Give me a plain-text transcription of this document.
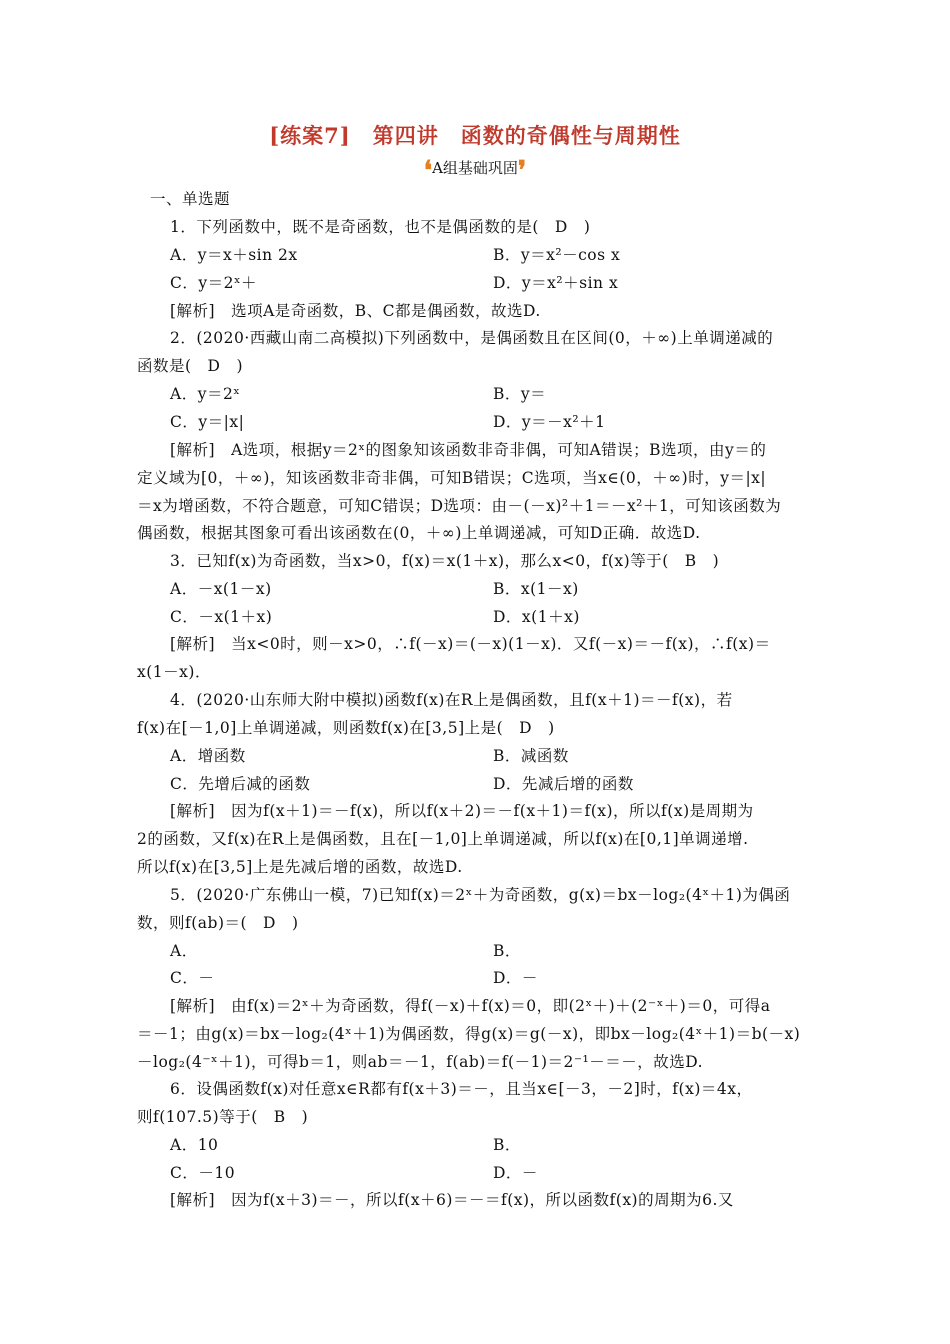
[练案7]　第四讲　函数的奇偶性与周期性
❛A组基础巩固❜
一、单选题
1．下列函数中，既不是奇函数，也不是偶函数的是(　D　)
A．y＝x＋sin 2x	B．y＝x²－cos x
C．y＝2ˣ＋	D．y＝x²＋sin x
[解析]　选项A是奇函数，B、C都是偶函数，故选D.
2．(2020·西藏山南二高模拟)下列函数中，是偶函数且在区间(0，＋∞)上单调递减的
函数是(　D　)
A．y＝2ˣ	B．y＝
C．y＝|x|	D．y＝－x²＋1
[解析]　A选项，根据y＝2ˣ的图象知该函数非奇非偶，可知A错误；B选项，由y＝的
定义域为[0，＋∞)，知该函数非奇非偶，可知B错误；C选项，当x∈(0，＋∞)时，y＝|x|
＝x为增函数，不符合题意，可知C错误；D选项：由－(－x)²＋1＝－x²＋1，可知该函数为
偶函数，根据其图象可看出该函数在(0，＋∞)上单调递减，可知D正确．故选D.
3．已知f(x)为奇函数，当x>0，f(x)＝x(1＋x)，那么x<0，f(x)等于(　B　)
A．－x(1－x)	B．x(1－x)
C．－x(1＋x)	D．x(1＋x)
[解析]　当x<0时，则－x>0，∴f(－x)＝(－x)(1－x)．又f(－x)＝－f(x)，∴f(x)＝
x(1－x)．
4．(2020·山东师大附中模拟)函数f(x)在R上是偶函数，且f(x＋1)＝－f(x)，若
f(x)在[－1,0]上单调递减，则函数f(x)在[3,5]上是(　D　)
A．增函数	B．减函数
C．先增后减的函数	D．先减后增的函数
[解析]　因为f(x＋1)＝－f(x)，所以f(x＋2)＝－f(x＋1)＝f(x)，所以f(x)是周期为
2的函数，又f(x)在R上是偶函数，且在[－1,0]上单调递减，所以f(x)在[0,1]单调递增.
所以f(x)在[3,5]上是先减后增的函数，故选D.
5．(2020·广东佛山一模，7)已知f(x)＝2ˣ＋为奇函数，g(x)＝bx－log₂(4ˣ＋1)为偶函
数，则f(ab)＝(　D　)
A．	B．
C．－	D．－
[解析]　由f(x)＝2ˣ＋为奇函数，得f(－x)＋f(x)＝0，即(2ˣ＋)＋(2⁻ˣ＋)＝0，可得a
＝－1；由g(x)＝bx－log₂(4ˣ＋1)为偶函数，得g(x)＝g(－x)，即bx－log₂(4ˣ＋1)＝b(－x)
－log₂(4⁻ˣ＋1)，可得b＝1，则ab＝－1，f(ab)＝f(－1)＝2⁻¹－＝－，故选D.
6．设偶函数f(x)对任意x∈R都有f(x＋3)＝－，且当x∈[－3，－2]时，f(x)＝4x，
则f(107.5)等于(　B　)
A．10	B．
C．－10	D．－
[解析]　因为f(x＋3)＝－，所以f(x＋6)＝－＝f(x)，所以函数f(x)的周期为6.又
